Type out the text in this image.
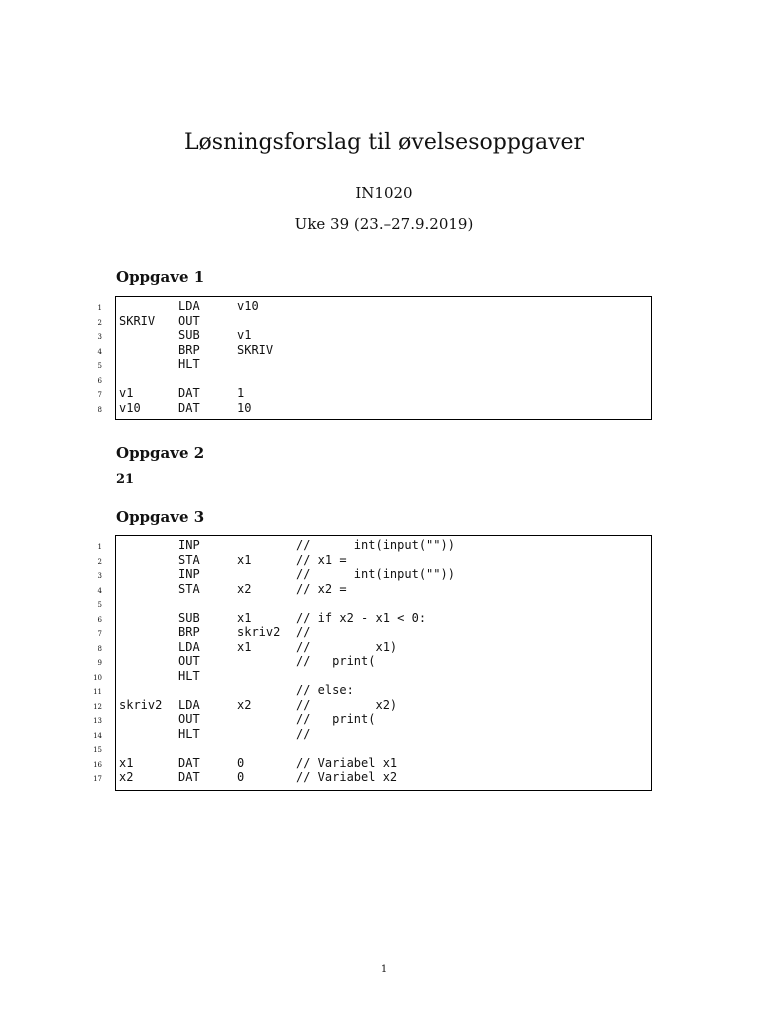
Løsningsforslag til øvelsesoppgaver
IN1020
Uke 39 (23.–27.9.2019)
Oppgave 1
1	LDA	v10
2 SKRIV OUT
3	SUB	v1
4	BRP	SKRIV
5	HLT
6
7 v1	DAT	1
8 v10	DAT	10
Oppgave 2
21
Oppgave 3
1	INP	//      int(input(""))
2	STA	x1	// x1 =
3	INP	//      int(input(""))
4	STA	x2	// x2 =
5
6	SUB	x1	// if x2 - x1 < 0:
7	BRP	skriv2 //
8	LDA	x1	//         x1)
9	OUT	//   print(
10	HLT
11	// else:
12 skriv2 LDA	x2	//         x2)
13	OUT	//   print(
14	HLT	//
15
16 x1	DAT	0	// Variabel x1
17 x2	DAT	0	// Variabel x2
1
